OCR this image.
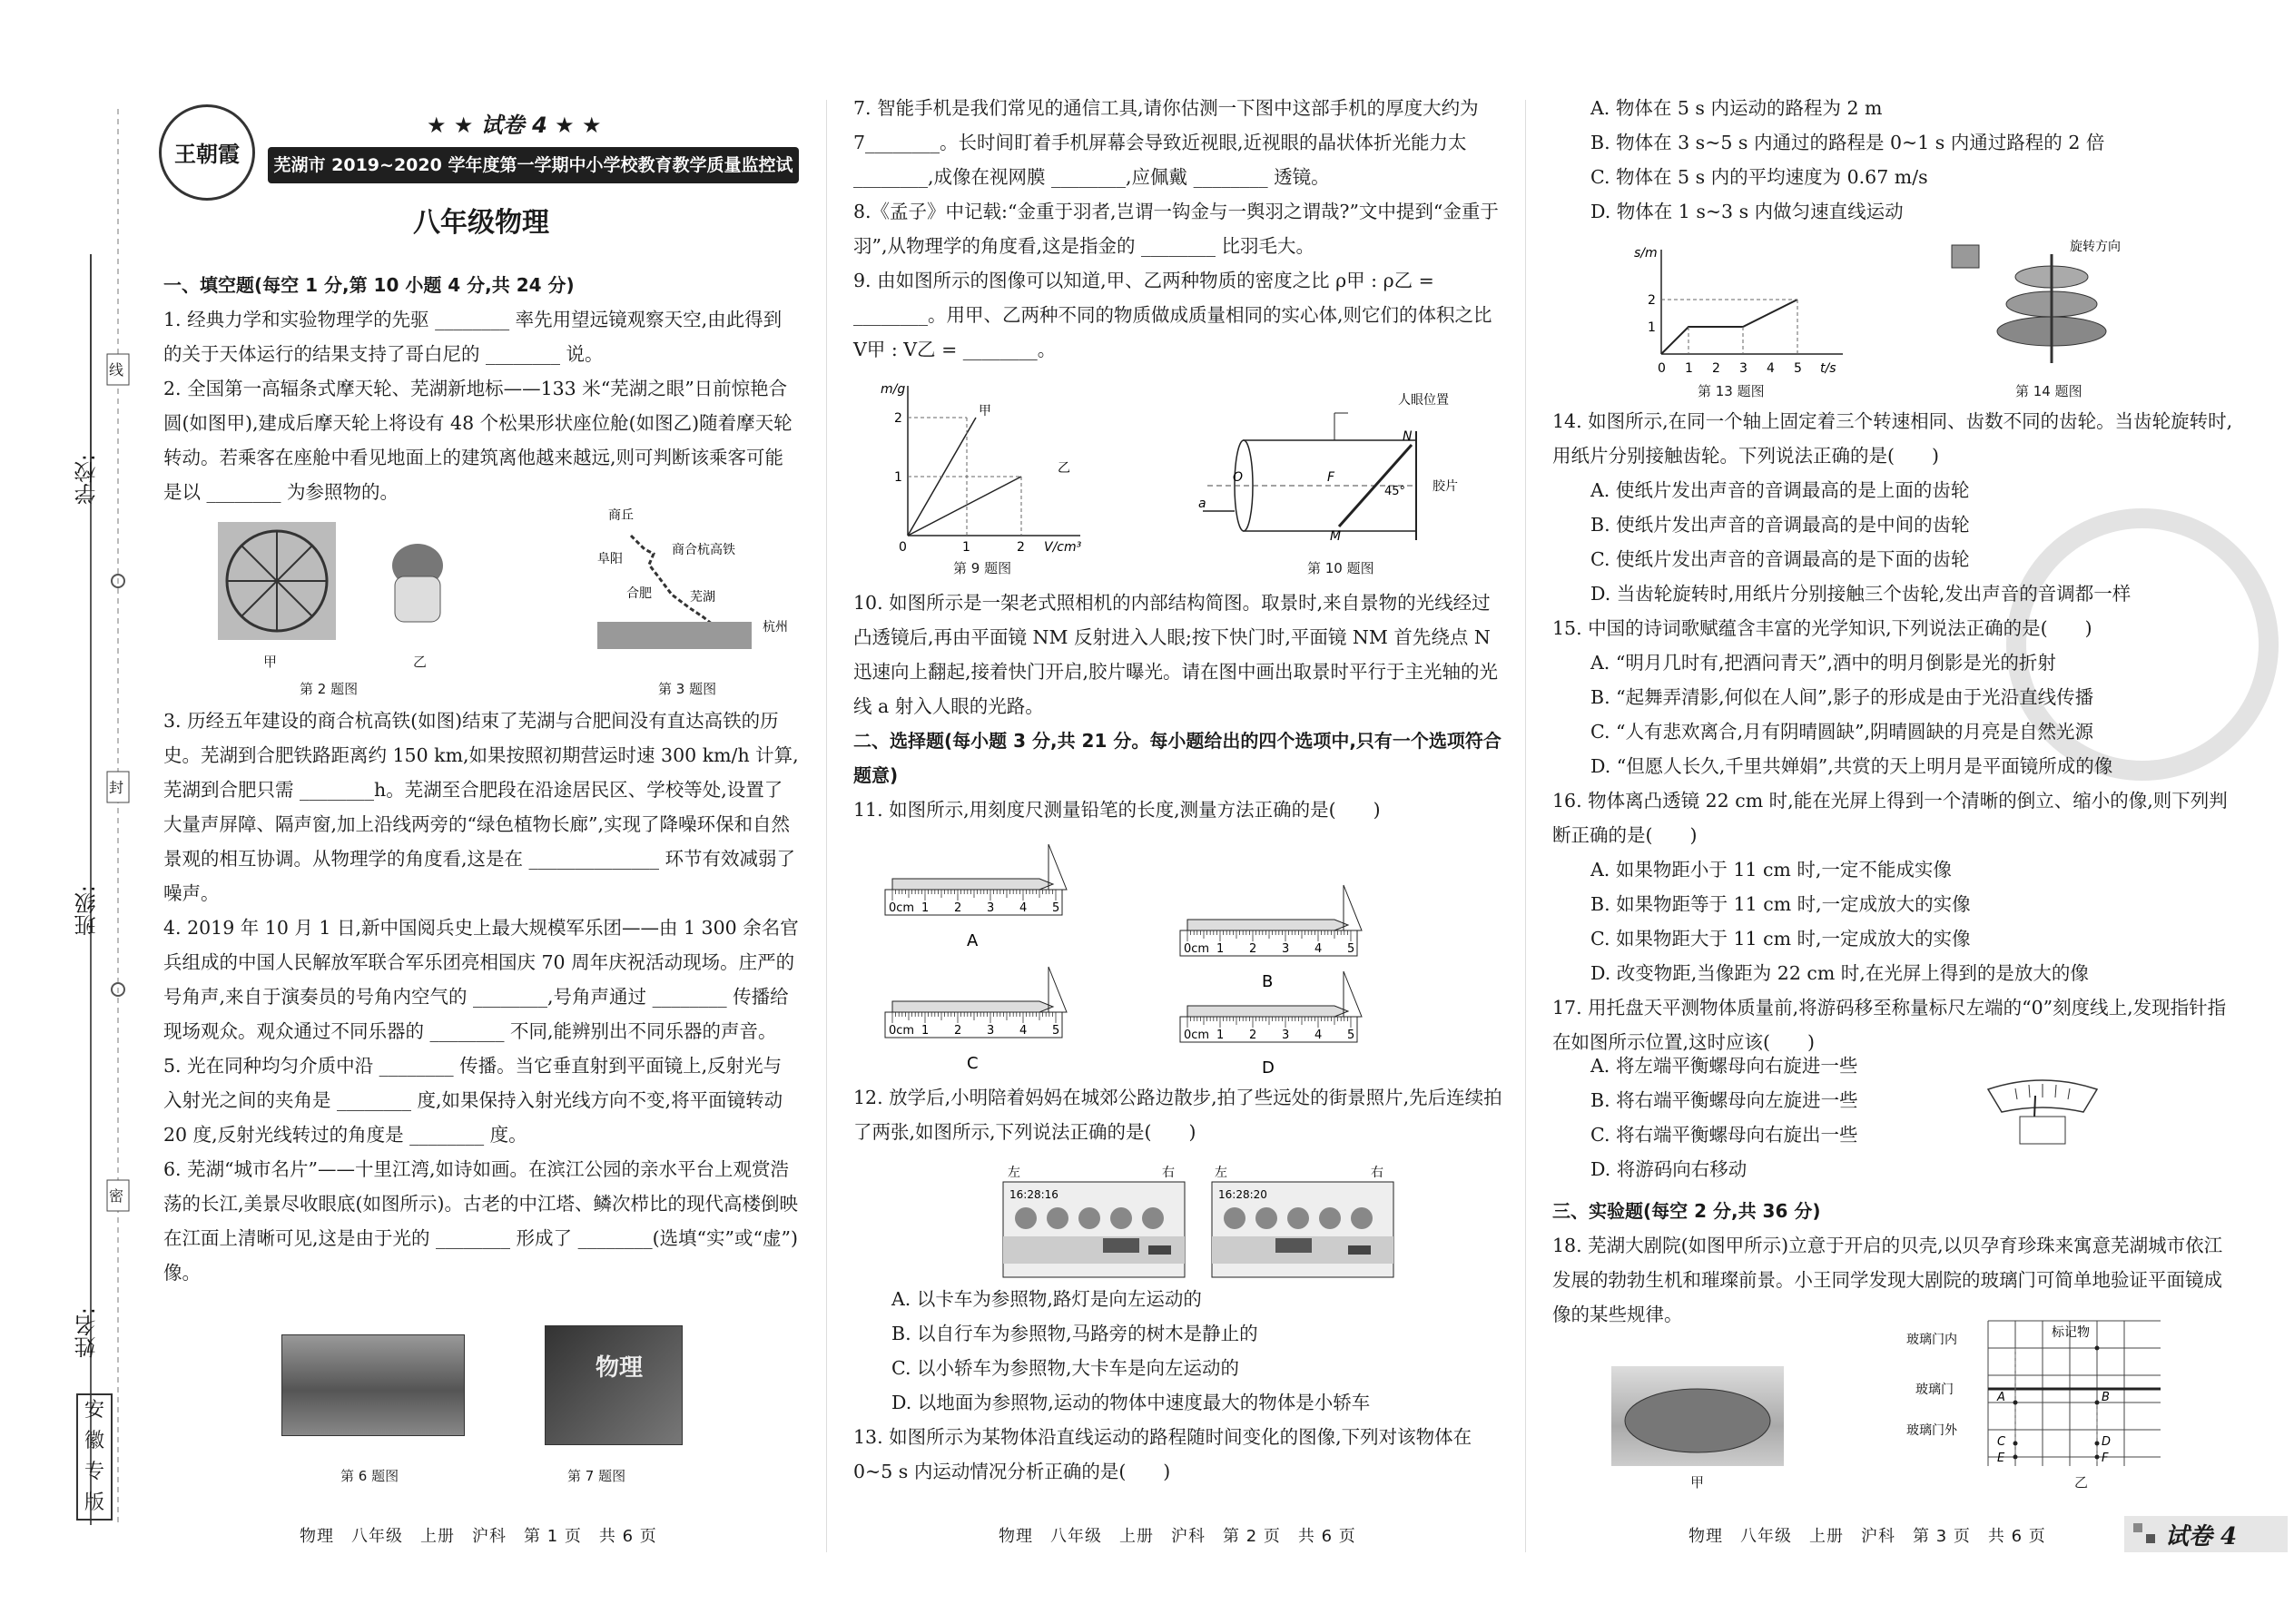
学校:
班级:
姓名:
线
封
密
安
徽
专
版
王朝霞
★ ★ 试卷 4 ★ ★
芜湖市 2019~2020 学年度第一学期中小学校教育教学质量监控试卷
八年级物理
一、填空题(每空 1 分,第 10 小题 4 分,共 24 分)

1. 经典力学和实验物理学的先驱 ________ 率先用望远镜观察天空,由此得到的关于天体运行的结果支持了哥白尼的 ________ 说。

2. 全国第一高辐条式摩天轮、芜湖新地标——133 米“芜湖之眼”日前惊艳合圆(如图甲),建成后摩天轮上将设有 48 个松果形状座位舱(如图乙)随着摩天轮转动。若乘客在座舱中看见地面上的建筑离他越来越远,则可判断该乘客可能是以 ________ 为参照物的。

甲	乙
第 2 题图
商丘
阜阳
合肥
商合杭高铁
芜湖
杭州
第 3 题图

3. 历经五年建设的商合杭高铁(如图)结束了芜湖与合肥间没有直达高铁的历史。芜湖到合肥铁路距离约 150 km,如果按照初期营运时速 300 km/h 计算,芜湖到合肥只需 ________h。芜湖至合肥段在沿途居民区、学校等处,设置了大量声屏障、隔声窗,加上沿线两旁的“绿色植物长廊”,实现了降噪环保和自然景观的相互协调。从物理学的角度看,这是在 ______________ 环节有效减弱了噪声。

4. 2019 年 10 月 1 日,新中国阅兵史上最大规模军乐团——由 1 300 余名官兵组成的中国人民解放军联合军乐团亮相国庆 70 周年庆祝活动现场。庄严的号角声,来自于演奏员的号角内空气的 ________,号角声通过 ________ 传播给现场观众。观众通过不同乐器的 ________ 不同,能辨别出不同乐器的声音。

5. 光在同种均匀介质中沿 ________ 传播。当它垂直射到平面镜上,反射光与入射光之间的夹角是 ________ 度,如果保持入射光线方向不变,将平面镜转动 20 度,反射光线转过的角度是 ________ 度。

6. 芜湖“城市名片”——十里江湾,如诗如画。在滨江公园的亲水平台上观赏浩荡的长江,美景尽收眼底(如图所示)。古老的中江塔、鳞次栉比的现代高楼倒映在江面上清晰可见,这是由于光的 ________ 形成了 ________(选填“实”或“虚”)像。

第 6 题图
物理
第 7 题图
物理　八年级　上册　沪科　第 1 页　共 6 页

7. 智能手机是我们常见的通信工具,请你估测一下图中这部手机的厚度大约为 7________。长时间盯着手机屏幕会导致近视眼,近视眼的晶状体折光能力太 ________,成像在视网膜 ________,应佩戴 ________ 透镜。

8.《孟子》中记载:“金重于羽者,岂谓一钩金与一舆羽之谓哉?”文中提到“金重于羽”,从物理学的角度看,这是指金的 ________ 比羽毛大。

9. 由如图所示的图像可以知道,甲、乙两种物质的密度之比 ρ甲 : ρ乙 = ________。用甲、乙两种不同的物质做成质量相同的实心体,则它们的体积之比 V甲 : V乙 = ________。

m/g
V/cm³
1
2
0	1	2
甲
乙
第 9 题图
人眼位置
胶片
45°
N
M
F
O
a
第 10 题图

10. 如图所示是一架老式照相机的内部结构简图。取景时,来自景物的光线经过凸透镜后,再由平面镜 NM 反射进入人眼;按下快门时,平面镜 NM 首先绕点 N 迅速向上翻起,接着快门开启,胶片曝光。请在图中画出取景时平行于主光轴的光线 a 射入人眼的光路。

二、选择题(每小题 3 分,共 21 分。每小题给出的四个选项中,只有一个选项符合题意)

11. 如图所示,用刻度尺测量铅笔的长度,测量方法正确的是(　　)

0cm 1 2 3 4 5
A	0cm 1 2 3 4 5
B
0cm 1 2 3 4 5
C
0cm 1 2 3 4 5
D

12. 放学后,小明陪着妈妈在城郊公路边散步,拍了些远处的街景照片,先后连续拍了两张,如图所示,下列说法正确的是(　　)

左	右	左	右
16:28:16	16:28:20
A. 以卡车为参照物,路灯是向左运动的
B. 以自行车为参照物,马路旁的树木是静止的
C. 以小轿车为参照物,大卡车是向左运动的
D. 以地面为参照物,运动的物体中速度最大的物体是小轿车

13. 如图所示为某物体沿直线运动的路程随时间变化的图像,下列对该物体在 0~5 s 内运动情况分析正确的是(　　)

物理　八年级　上册　沪科　第 2 页　共 6 页
A. 物体在 5 s 内运动的路程为 2 m
B. 物体在 3 s~5 s 内通过的路程是 0~1 s 内通过路程的 2 倍
C. 物体在 5 s 内的平均速度为 0.67 m/s
D. 物体在 1 s~3 s 内做匀速直线运动
s/m
t/s
1
2
0 1 2 3 4 5
第 13 题图
旋转方向
第 14 题图

14. 如图所示,在同一个轴上固定着三个转速相同、齿数不同的齿轮。当齿轮旋转时,用纸片分别接触齿轮。下列说法正确的是(　　)

A. 使纸片发出声音的音调最高的是上面的齿轮
B. 使纸片发出声音的音调最高的是中间的齿轮
C. 使纸片发出声音的音调最高的是下面的齿轮
D. 当齿轮旋转时,用纸片分别接触三个齿轮,发出声音的音调都一样

15. 中国的诗词歌赋蕴含丰富的光学知识,下列说法正确的是(　　)

A. “明月几时有,把酒问青天”,酒中的明月倒影是光的折射
B. “起舞弄清影,何似在人间”,影子的形成是由于光沿直线传播
C. “人有悲欢离合,月有阴晴圆缺”,阴晴圆缺的月亮是自然光源
D. “但愿人长久,千里共婵娟”,共赏的天上明月是平面镜所成的像

16. 物体离凸透镜 22 cm 时,能在光屏上得到一个清晰的倒立、缩小的像,则下列判断正确的是(　　)

A. 如果物距小于 11 cm 时,一定不能成实像
B. 如果物距等于 11 cm 时,一定成放大的实像
C. 如果物距大于 11 cm 时,一定成放大的实像
D. 改变物距,当像距为 22 cm 时,在光屏上得到的是放大的像

17. 用托盘天平测物体质量前,将游码移至称量标尺左端的“0”刻度线上,发现指针指在如图所示位置,这时应该(　　)

A. 将左端平衡螺母向右旋进一些
B. 将右端平衡螺母向左旋进一些
C. 将右端平衡螺母向右旋出一些
D. 将游码向右移动
三、实验题(每空 2 分,共 36 分)

18. 芜湖大剧院(如图甲所示)立意于开启的贝壳,以贝孕育珍珠来寓意芜湖城市依江发展的勃勃生机和璀璨前景。小王同学发现大剧院的玻璃门可简单地验证平面镜成像的某些规律。

甲
玻璃门内
玻璃门
玻璃门外
标记物
A	B
C	D
E	F
乙
物理　八年级　上册　沪科　第 3 页　共 6 页	试卷 4
